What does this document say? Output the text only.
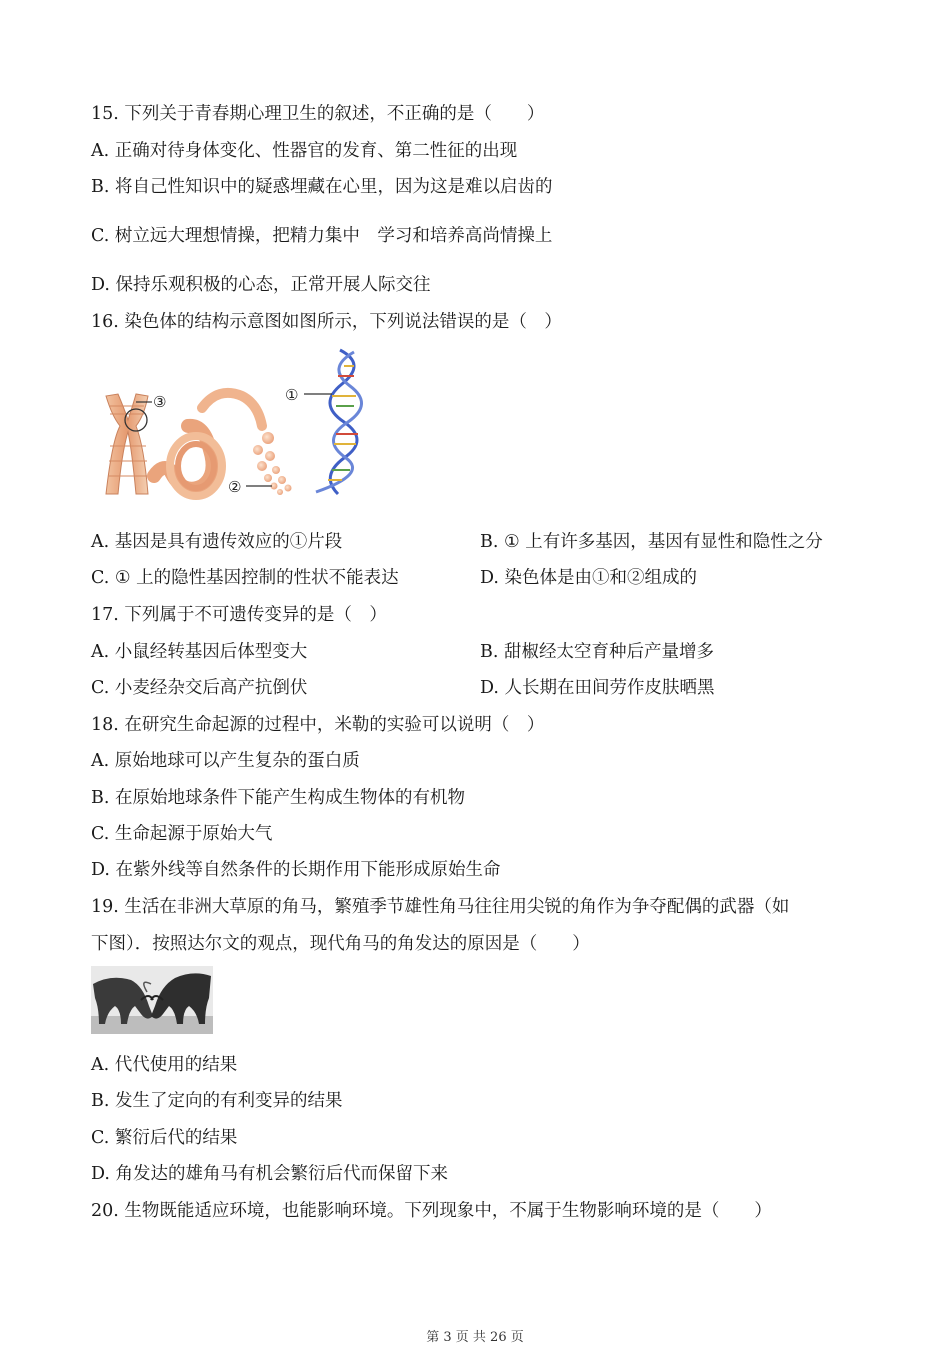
15. 下列关于青春期心理卫生的叙述，不正确的是（　　）
A. 正确对待身体变化、性器官的发育、第二性征的出现
B. 将自己性知识中的疑惑埋藏在心里，因为这是难以启齿的
C. 树立远大理想情操，把精力集中　学习和培养高尚情操上
D. 保持乐观积极的心态，正常开展人际交往
16. 染色体的结构示意图如图所示，下列说法错误的是（　）
③	①
②
A. 基因是具有遗传效应的①片段	B. ① 上有许多基因，基因有显性和隐性之分
C. ① 上的隐性基因控制的性状不能表达	D. 染色体是由①和②组成的
17. 下列属于不可遗传变异的是（　）
A. 小鼠经转基因后体型变大	B. 甜椒经太空育种后产量增多
C. 小麦经杂交后高产抗倒伏	D. 人长期在田间劳作皮肤晒黑
18. 在研究生命起源的过程中，米勒的实验可以说明（　）
A. 原始地球可以产生复杂的蛋白质
B. 在原始地球条件下能产生构成生物体的有机物
C. 生命起源于原始大气
D. 在紫外线等自然条件的长期作用下能形成原始生命
19. 生活在非洲大草原的角马，繁殖季节雄性角马往往用尖锐的角作为争夺配偶的武器（如
下图）．按照达尔文的观点，现代角马的角发达的原因是（　　）
A. 代代使用的结果
B. 发生了定向的有利变异的结果
C. 繁衍后代的结果
D. 角发达的雄角马有机会繁衍后代而保留下来
20. 生物既能适应环境，也能影响环境。下列现象中，不属于生物影响环境的是（　　）
第 3 页 共 26 页
